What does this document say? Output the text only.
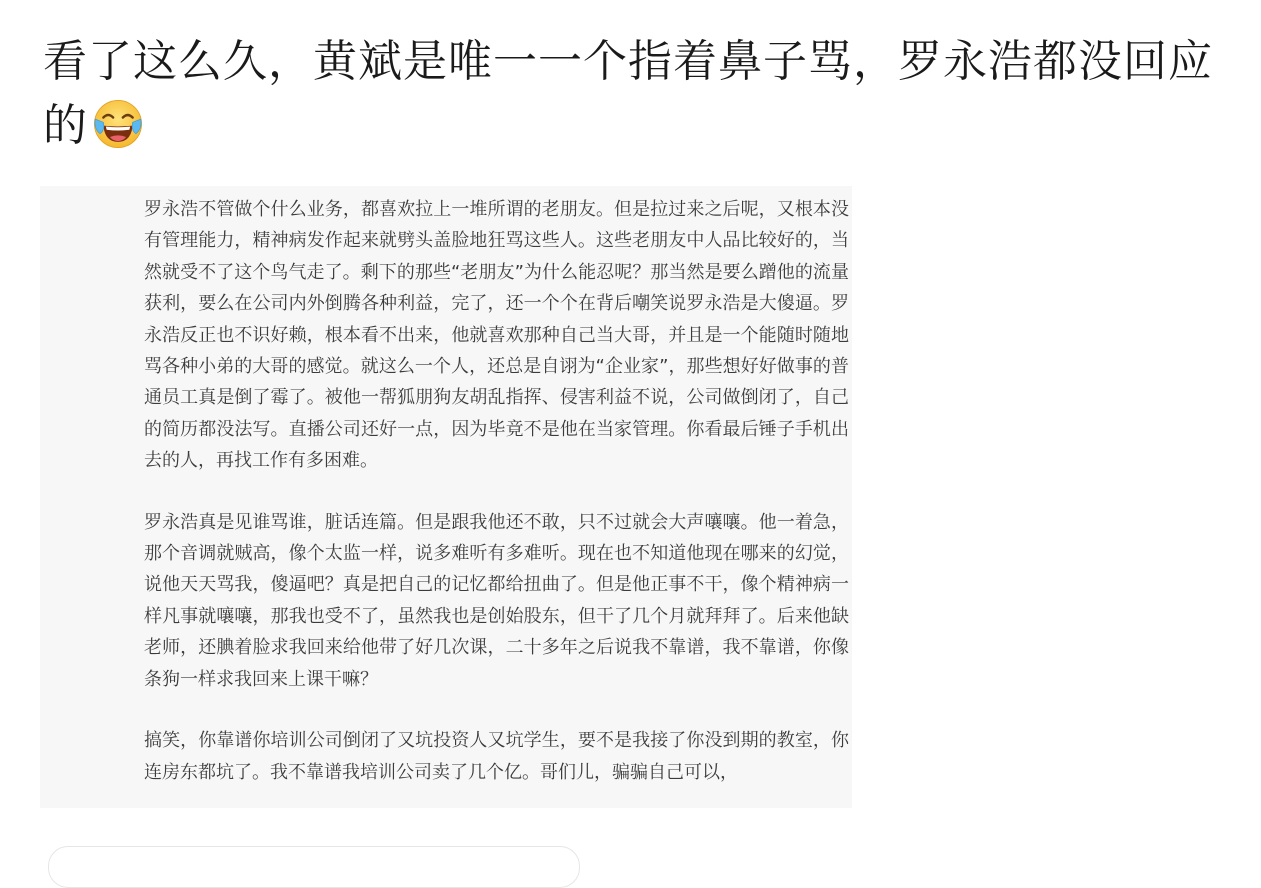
看了这么久，黄斌是唯一一个指着鼻子骂，罗永浩都没回应的

罗永浩不管做个什么业务，都喜欢拉上一堆所谓的老朋友。但是拉过来之后呢，又根本没有管理能力，精神病发作起来就劈头盖脸地狂骂这些人。这些老朋友中人品比较好的，当然就受不了这个鸟气走了。剩下的那些“老朋友”为什么能忍呢？那当然是要么蹭他的流量获利，要么在公司内外倒腾各种利益，完了，还一个个在背后嘲笑说罗永浩是大傻逼。罗永浩反正也不识好赖，根本看不出来，他就喜欢那种自己当大哥，并且是一个能随时随地骂各种小弟的大哥的感觉。就这么一个人，还总是自诩为“企业家”，那些想好好做事的普通员工真是倒了霉了。被他一帮狐朋狗友胡乱指挥、侵害利益不说，公司做倒闭了，自己的简历都没法写。直播公司还好一点，因为毕竟不是他在当家管理。你看最后锤子手机出去的人，再找工作有多困难。

罗永浩真是见谁骂谁，脏话连篇。但是跟我他还不敢，只不过就会大声嚷嚷。他一着急，那个音调就贼高，像个太监一样，说多难听有多难听。现在也不知道他现在哪来的幻觉，说他天天骂我，傻逼吧？真是把自己的记忆都给扭曲了。但是他正事不干，像个精神病一样凡事就嚷嚷，那我也受不了，虽然我也是创始股东，但干了几个月就拜拜了。后来他缺老师，还腆着脸求我回来给他带了好几次课，二十多年之后说我不靠谱，我不靠谱，你像条狗一样求我回来上课干嘛？

搞笑，你靠谱你培训公司倒闭了又坑投资人又坑学生，要不是我接了你没到期的教室，你连房东都坑了。我不靠谱我培训公司卖了几个亿。哥们儿，骗骗自己可以，
